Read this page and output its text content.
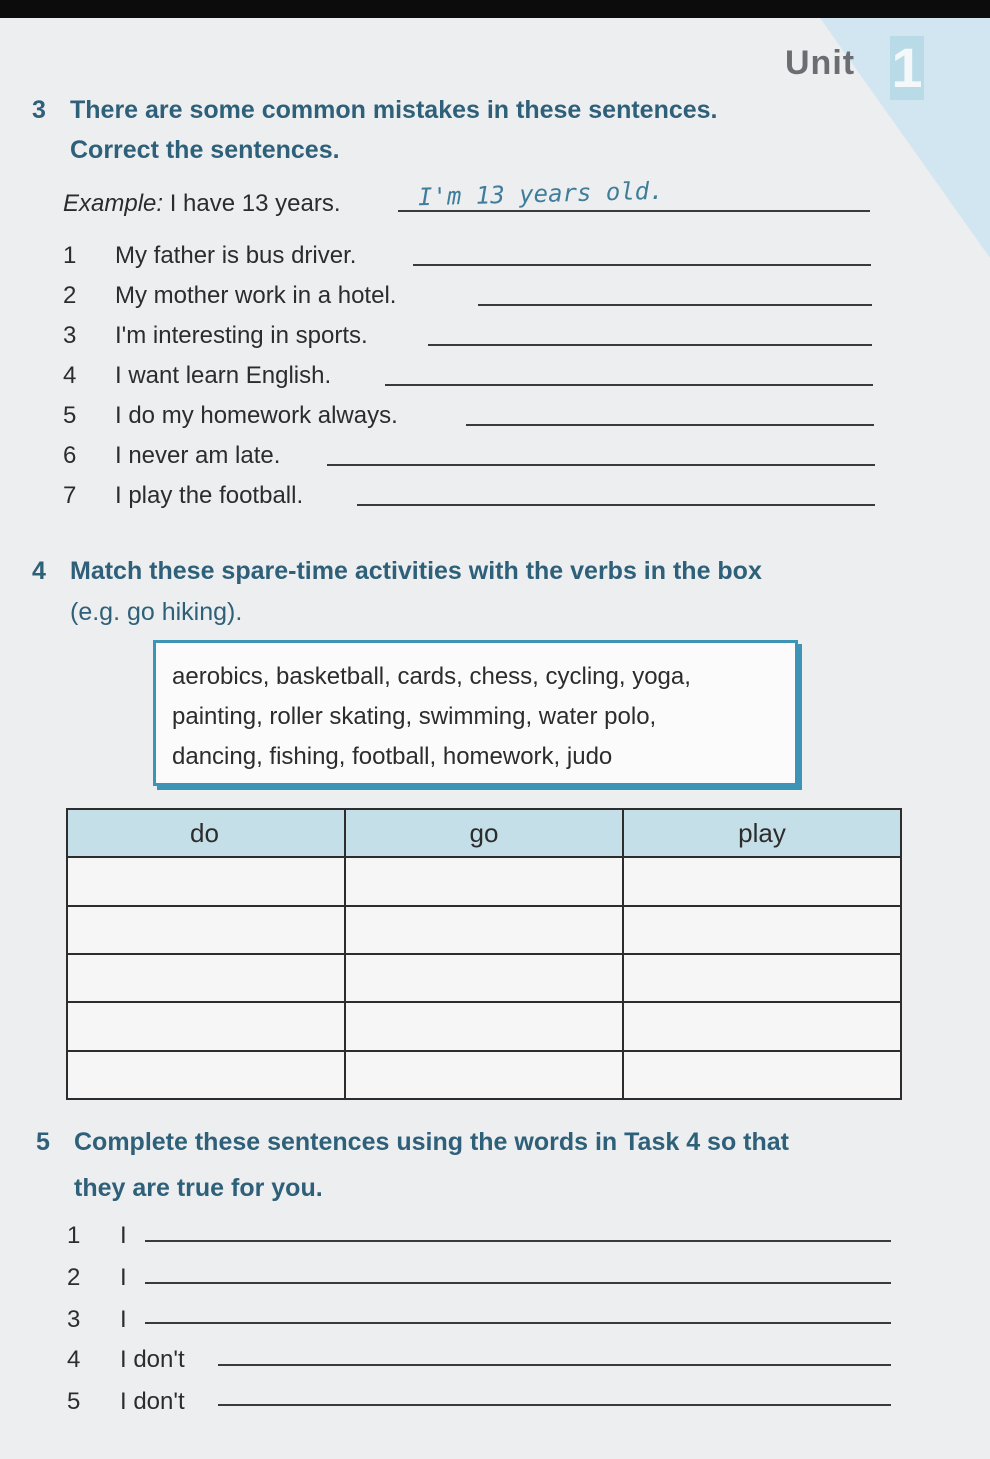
Unit 1
3 There are some common mistakes in these sentences.
Correct the sentences.
Example: I have 13 years.	I'm 13 years old.
1 My father is bus driver.
2 My mother work in a hotel.
3 I'm interesting in sports.
4 I want learn English.
5 I do my homework always.
6 I never am late.
7 I play the football.
4 Match these spare-time activities with the verbs in the box
(e.g. go hiking).
aerobics, basketball, cards, chess, cycling, yoga,
painting, roller skating, swimming, water polo,
dancing, fishing, football, homework, judo
do	go	play

5 Complete these sentences using the words in Task 4 so that
they are true for you.
1 I
2 I
3 I
4 I don't
5 I don't
